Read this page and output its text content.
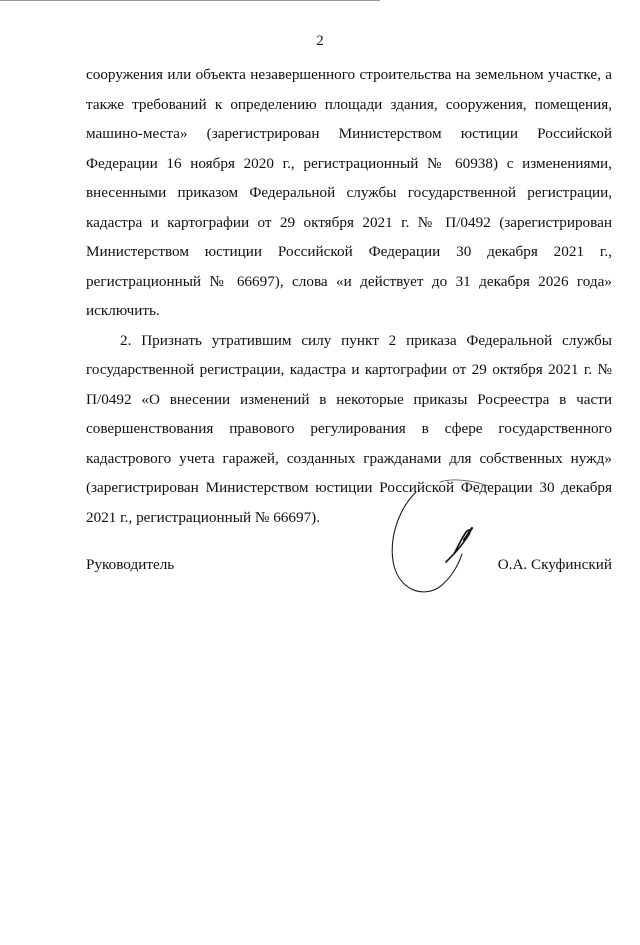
2

сооружения или объекта незавершенного строительства на земельном участке, а также требований к определению площади здания, сооружения, помещения, машино-места» (зарегистрирован Министерством юстиции Российской Федерации 16 ноября 2020 г., регистрационный № 60938) с изменениями, внесенными приказом Федеральной службы государственной регистрации, кадастра и картографии от 29 октября 2021 г. № П/0492 (зарегистрирован Министерством юстиции Российской Федерации 30 декабря 2021 г., регистрационный № 66697), слова «и действует до 31 декабря 2026 года» исключить.

2. Признать утратившим силу пункт 2 приказа Федеральной службы государственной регистрации, кадастра и картографии от 29 октября 2021 г. № П/0492 «О внесении изменений в некоторые приказы Росреестра в части совершенствования правового регулирования в сфере государственного кадастрового учета гаражей, созданных гражданами для собственных нужд» (зарегистрирован Министерством юстиции Российской Федерации 30 декабря 2021 г., регистрационный № 66697).

Руководитель	О.А. Скуфинский
